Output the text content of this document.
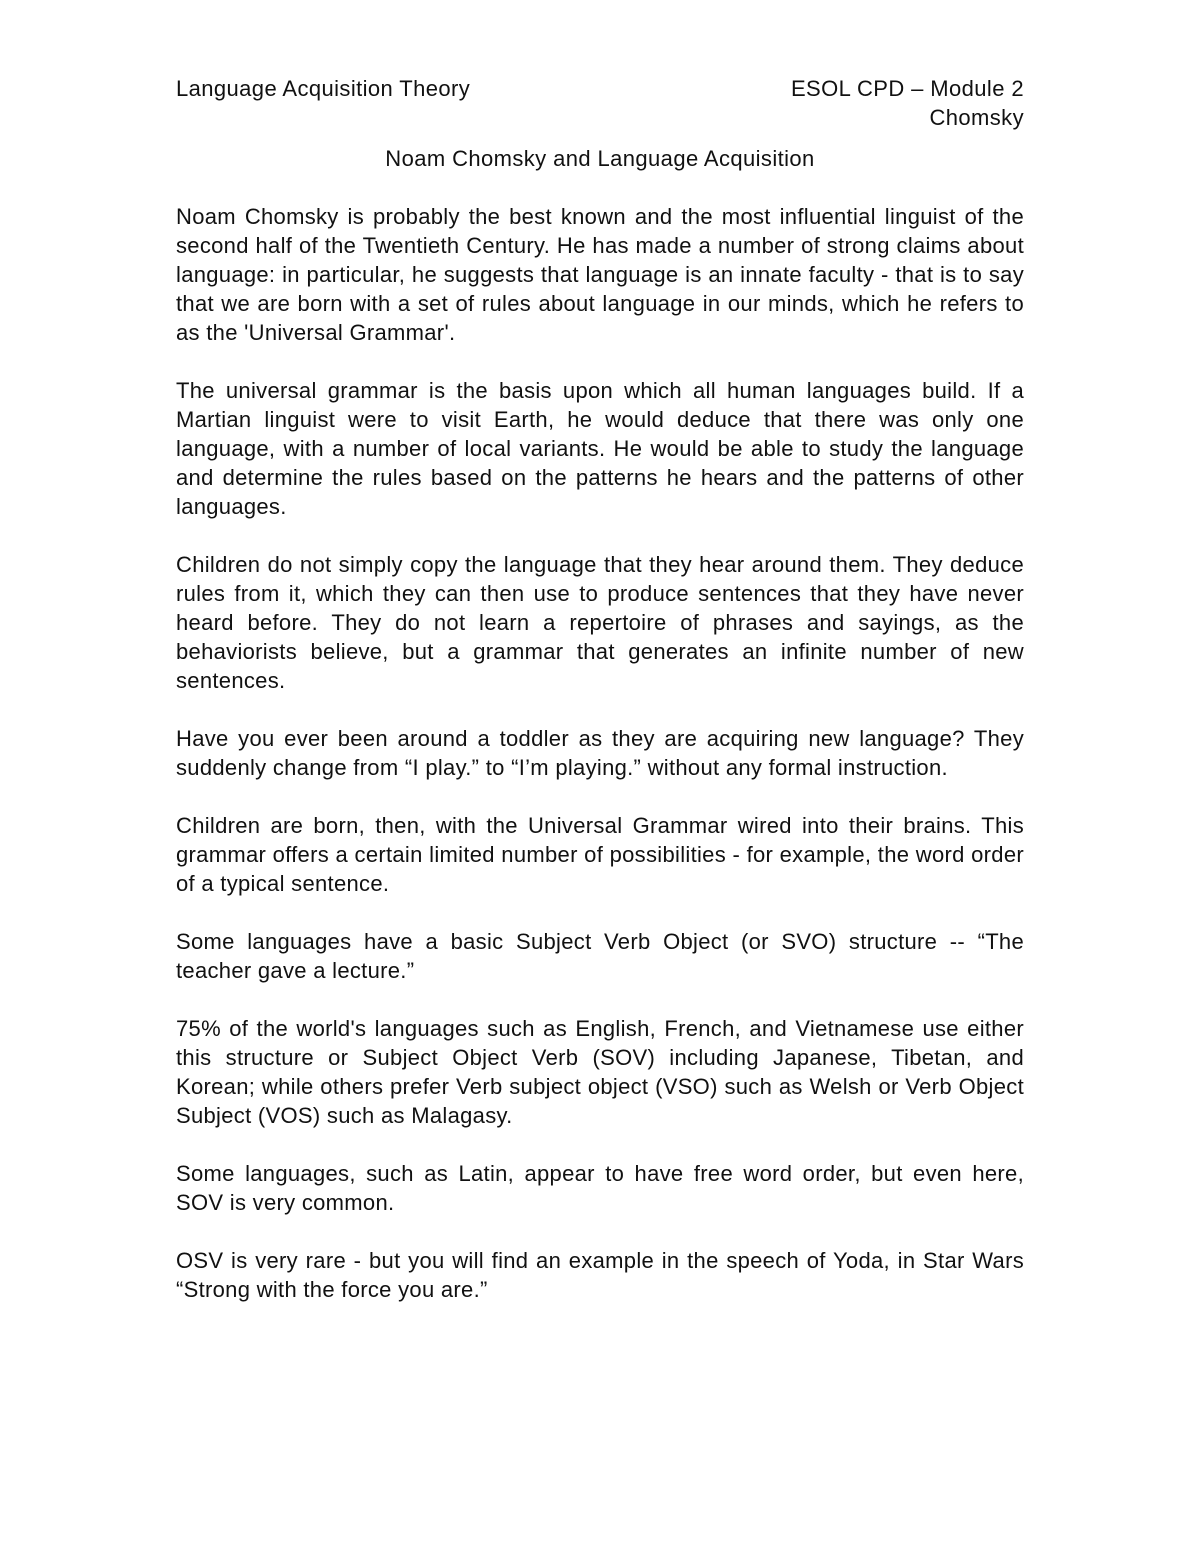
Language Acquisition Theory	ESOL CPD – Module 2
Chomsky
Noam Chomsky and Language Acquisition

Noam Chomsky is probably the best known and the most influential linguist of the second half of the Twentieth Century. He has made a number of strong claims about language: in particular, he suggests that language is an innate faculty - that is to say that we are born with a set of rules about language in our minds, which he refers to as the 'Universal Grammar'.

The universal grammar is the basis upon which all human languages build. If a Martian linguist were to visit Earth, he would deduce that there was only one language, with a number of local variants. He would be able to study the language and determine the rules based on the patterns he hears and the patterns of other languages.

Children do not simply copy the language that they hear around them. They deduce rules from it, which they can then use to produce sentences that they have never heard before. They do not learn a repertoire of phrases and sayings, as the behaviorists believe, but a grammar that generates an infinite number of new sentences.

Have you ever been around a toddler as they are acquiring new language? They suddenly change from “I play.” to “I’m playing.” without any formal instruction.

Children are born, then, with the Universal Grammar wired into their brains. This grammar offers a certain limited number of possibilities - for example, the word order of a typical sentence.

Some languages have a basic Subject Verb Object (or SVO) structure -- “The teacher gave a lecture.”

75% of the world's languages such as English, French, and Vietnamese use either this structure or Subject Object Verb (SOV) including Japanese, Tibetan, and Korean; while others prefer Verb subject object (VSO) such as Welsh or Verb Object Subject (VOS) such as Malagasy.

Some languages, such as Latin, appear to have free word order, but even here, SOV is very common.

OSV is very rare - but you will find an example in the speech of Yoda, in Star Wars “Strong with the force you are.”
